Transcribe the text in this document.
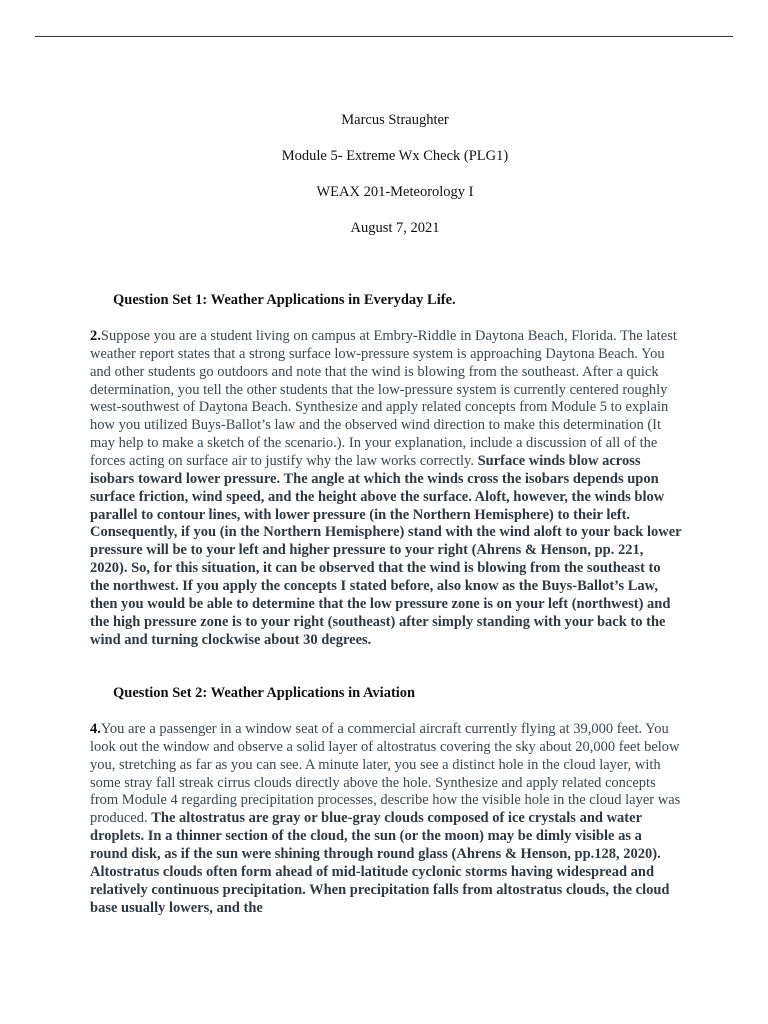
Marcus Straughter
Module 5- Extreme Wx Check (PLG1)
WEAX 201-Meteorology I
August 7, 2021
Question Set 1: Weather Applications in Everyday Life.
2.Suppose you are a student living on campus at Embry-Riddle in Daytona Beach, Florida. The latest weather report states that a strong surface low-pressure system is approaching Daytona Beach. You and other students go outdoors and note that the wind is blowing from the southeast. After a quick determination, you tell the other students that the low-pressure system is currently centered roughly west-southwest of Daytona Beach. Synthesize and apply related concepts from Module 5 to explain how you utilized Buys-Ballot’s law and the observed wind direction to make this determination (It may help to make a sketch of the scenario.). In your explanation, include a discussion of all of the forces acting on surface air to justify why the law works correctly. Surface winds blow across isobars toward lower pressure. The angle at which the winds cross the isobars depends upon surface friction, wind speed, and the height above the surface. Aloft, however, the winds blow parallel to contour lines, with lower pressure (in the Northern Hemisphere) to their left. Consequently, if you (in the Northern Hemisphere) stand with the wind aloft to your back lower pressure will be to your left and higher pressure to your right (Ahrens & Henson, pp. 221, 2020). So, for this situation, it can be observed that the wind is blowing from the southeast to the northwest. If you apply the concepts I stated before, also know as the Buys-Ballot’s Law, then you would be able to determine that the low pressure zone is on your left (northwest) and the high pressure zone is to your right (southeast) after simply standing with your back to the wind and turning clockwise about 30 degrees.
Question Set 2: Weather Applications in Aviation
4.You are a passenger in a window seat of a commercial aircraft currently flying at 39,000 feet. You look out the window and observe a solid layer of altostratus covering the sky about 20,000 feet below you, stretching as far as you can see. A minute later, you see a distinct hole in the cloud layer, with some stray fall streak cirrus clouds directly above the hole. Synthesize and apply related concepts from Module 4 regarding precipitation processes, describe how the visible hole in the cloud layer was produced. The altostratus are gray or blue-gray clouds composed of ice crystals and water droplets. In a thinner section of the cloud, the sun (or the moon) may be dimly visible as a round disk, as if the sun were shining through round glass (Ahrens & Henson, pp.128, 2020). Altostratus clouds often form ahead of mid-latitude cyclonic storms having widespread and relatively continuous precipitation. When precipitation falls from altostratus clouds, the cloud base usually lowers, and the
